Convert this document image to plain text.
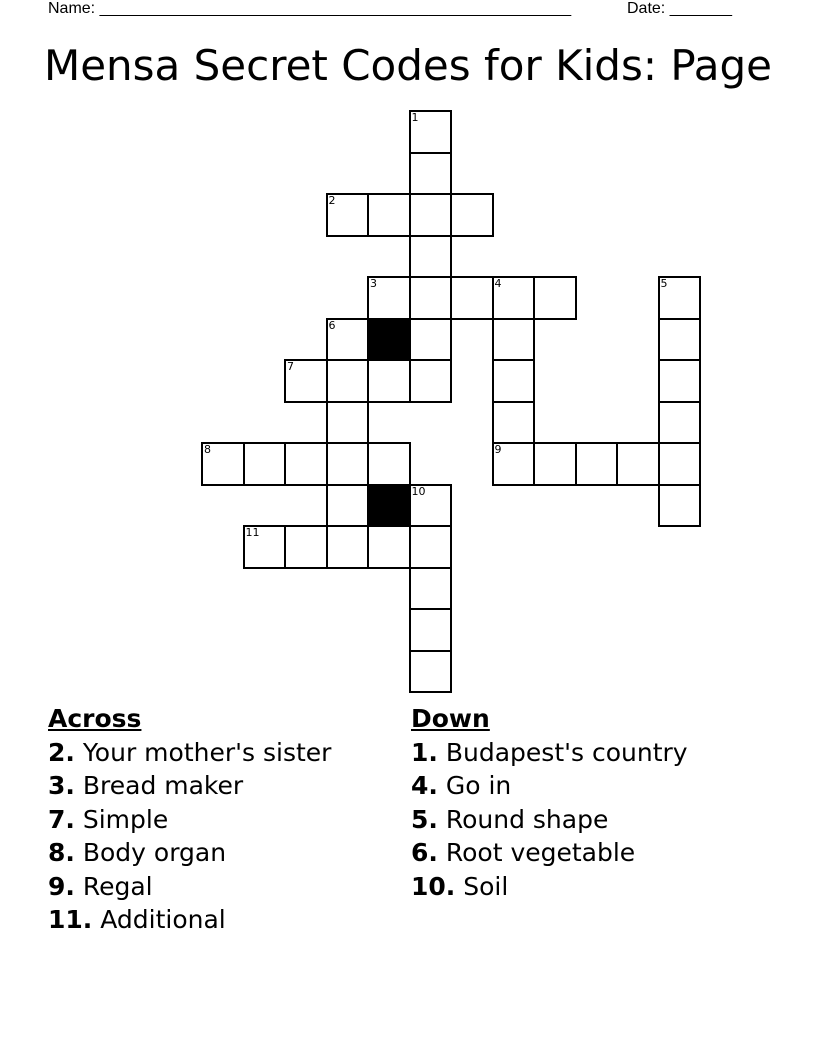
Name: _____________________________________________________	Date: _______
Mensa Secret Codes for Kids: Page
1
2
3	4	5
6
7
8	9
10
11
Across
2. Your mother's sister
3. Bread maker
7. Simple
8. Body organ
9. Regal
11. Additional
Down
1. Budapest's country
4. Go in
5. Round shape
6. Root vegetable
10. Soil
